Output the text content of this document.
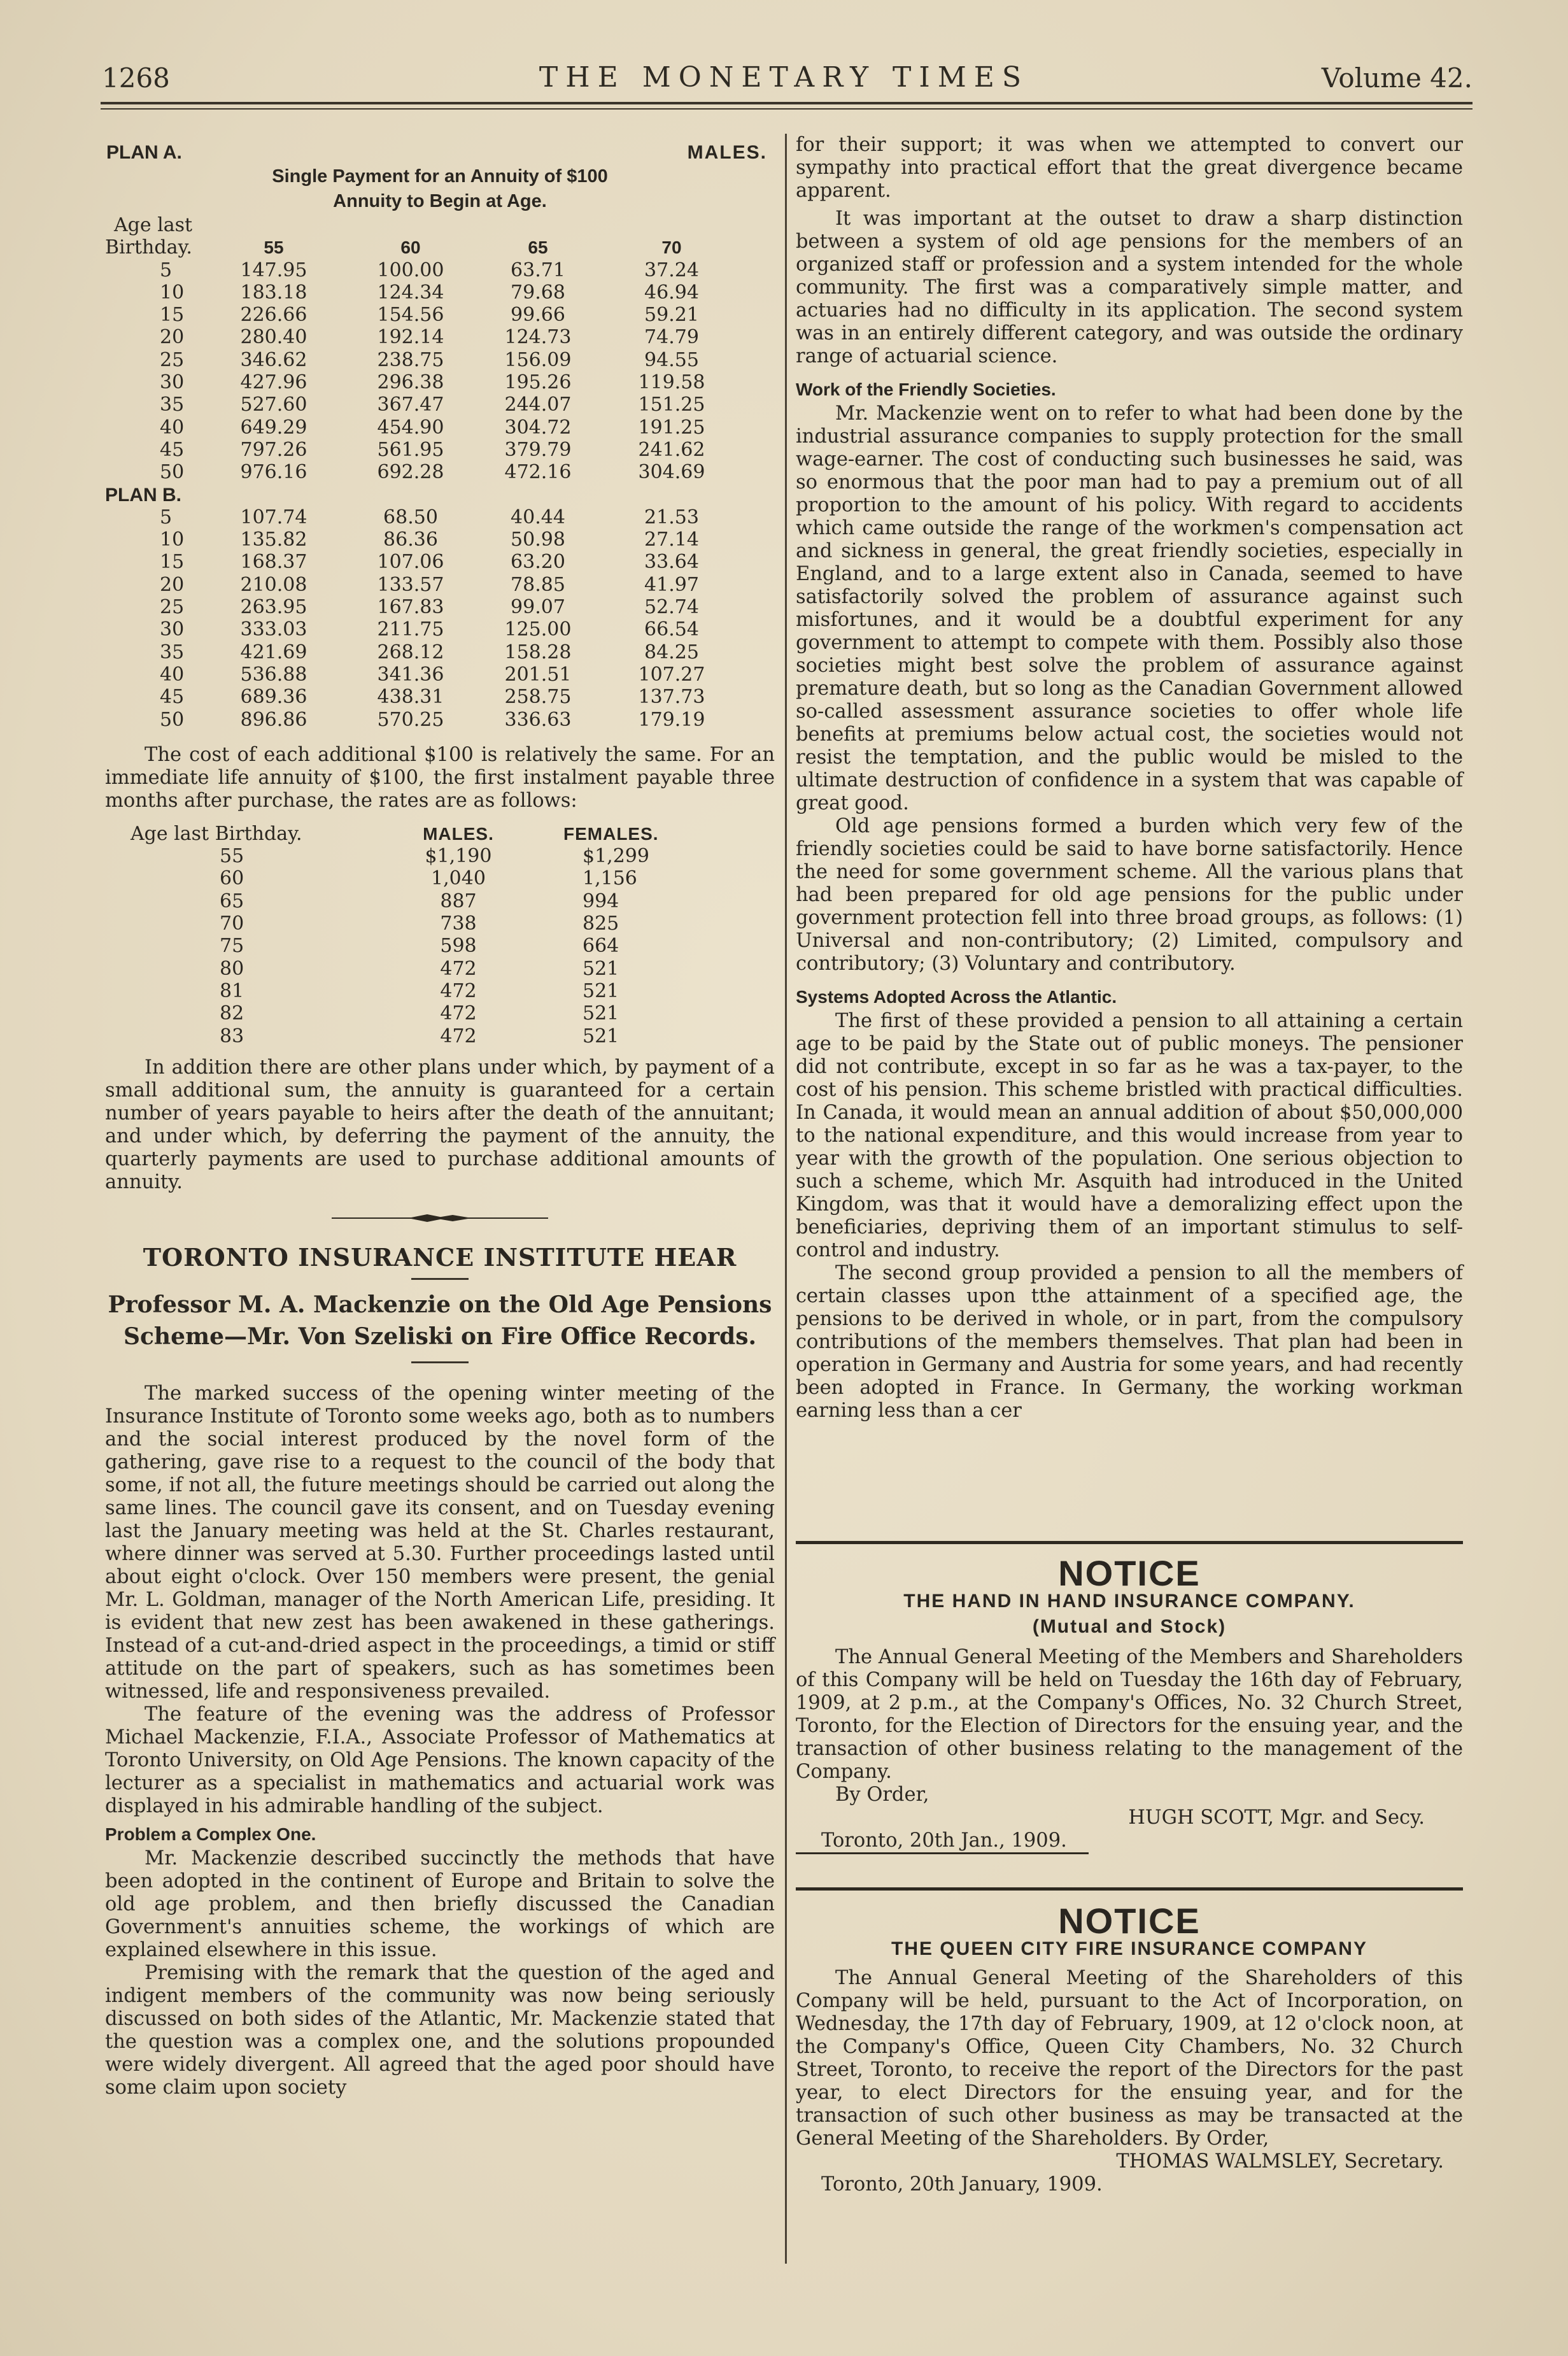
1268	THE MONETARY TIMES	Volume 42.
PLAN A.	MALES.
Single Payment for an Annuity of $100
Annuity to Begin at Age.
Age last				
Birthday.	55	60	65	70
5	147.95	100.00	63.71	37.24
10	183.18	124.34	79.68	46.94
15	226.66	154.56	99.66	59.21
20	280.40	192.14	124.73	74.79
25	346.62	238.75	156.09	94.55
30	427.96	296.38	195.26	119.58
35	527.60	367.47	244.07	151.25
40	649.29	454.90	304.72	191.25
45	797.26	561.95	379.79	241.62
50	976.16	692.28	472.16	304.69
PLAN B.				
5	107.74	68.50	40.44	21.53
10	135.82	86.36	50.98	27.14
15	168.37	107.06	63.20	33.64
20	210.08	133.57	78.85	41.97
25	263.95	167.83	99.07	52.74
30	333.03	211.75	125.00	66.54
35	421.69	268.12	158.28	84.25
40	536.88	341.36	201.51	107.27
45	689.36	438.31	258.75	137.73
50	896.86	570.25	336.63	179.19

The cost of each additional $100 is relatively the same. For an immediate life annuity of $100, the first instalment payable three months after purchase, the rates are as follows:

Age last Birthday.	MALES.	FEMALES.
55	$1,190	$1,299
60	1,040	1,156
65	887	994
70	738	825
75	598	664
80	472	521
81	472	521
82	472	521
83	472	521

In addition there are other plans under which, by payment of a small additional sum, the annuity is guaranteed for a certain number of years payable to heirs after the death of the annuitant; and under which, by deferring the payment of the annuity, the quarterly payments are used to purchase additional amounts of annuity.

TORONTO INSURANCE INSTITUTE HEAR
Professor M. A. Mackenzie on the Old Age Pensions Scheme—Mr. Von Szeliski on Fire Office Records.

The marked success of the opening winter meeting of the Insurance Institute of Toronto some weeks ago, both as to numbers and the social interest produced by the novel form of the gathering, gave rise to a request to the council of the body that some, if not all, the future meetings should be carried out along the same lines. The council gave its consent, and on Tuesday evening last the January meeting was held at the St. Charles restaurant, where dinner was served at 5.30. Further proceedings lasted until about eight o'clock. Over 150 members were present, the genial Mr. L. Goldman, manager of the North American Life, presiding. It is evident that new zest has been awakened in these gatherings. Instead of a cut-and-dried aspect in the proceedings, a timid or stiff attitude on the part of speakers, such as has sometimes been witnessed, life and responsiveness prevailed.

The feature of the evening was the address of Professor Michael Mackenzie, F.I.A., Associate Professor of Mathematics at Toronto University, on Old Age Pensions. The known capacity of the lecturer as a specialist in mathematics and actuarial work was displayed in his admirable handling of the subject.

Problem a Complex One.

Mr. Mackenzie described succinctly the methods that have been adopted in the continent of Europe and Britain to solve the old age problem, and then briefly discussed the Canadian Government's annuities scheme, the workings of which are explained elsewhere in this issue.

Premising with the remark that the question of the aged and indigent members of the community was now being seriously discussed on both sides of the Atlantic, Mr. Mackenzie stated that the question was a complex one, and the solutions propounded were widely divergent. All agreed that the aged poor should have some claim upon society

for their support; it was when we attempted to convert our sympathy into practical effort that the great divergence became apparent.

It was important at the outset to draw a sharp distinction between a system of old age pensions for the members of an organized staff or profession and a system intended for the whole community. The first was a comparatively simple matter, and actuaries had no difficulty in its application. The second system was in an entirely different category, and was outside the ordinary range of actuarial science.

Work of the Friendly Societies.

Mr. Mackenzie went on to refer to what had been done by the industrial assurance companies to supply protection for the small wage-earner. The cost of conducting such businesses he said, was so enormous that the poor man had to pay a premium out of all proportion to the amount of his policy. With regard to accidents which came outside the range of the workmen's compensation act and sickness in general, the great friendly societies, especially in England, and to a large extent also in Canada, seemed to have satisfactorily solved the problem of assurance against such misfortunes, and it would be a doubtful experiment for any government to attempt to compete with them. Possibly also those societies might best solve the problem of assurance against premature death, but so long as the Canadian Government allowed so-called assessment assurance societies to offer whole life benefits at premiums below actual cost, the societies would not resist the temptation, and the public would be misled to the ultimate destruction of confidence in a system that was capable of great good.

Old age pensions formed a burden which very few of the friendly societies could be said to have borne satisfactorily. Hence the need for some government scheme. All the various plans that had been prepared for old age pensions for the public under government protection fell into three broad groups, as follows: (1) Universal and non-contributory; (2) Limited, compulsory and contributory; (3) Voluntary and contributory.

Systems Adopted Across the Atlantic.

The first of these provided a pension to all attaining a certain age to be paid by the State out of public moneys. The pensioner did not contribute, except in so far as he was a tax-payer, to the cost of his pension. This scheme bristled with practical difficulties. In Canada, it would mean an annual addition of about $50,000,000 to the national expenditure, and this would increase from year to year with the growth of the population. One serious objection to such a scheme, which Mr. Asquith had introduced in the United Kingdom, was that it would have a demoralizing effect upon the beneficiaries, depriving them of an important stimulus to self-control and industry.

The second group provided a pension to all the members of certain classes upon tthe attainment of a specified age, the pensions to be derived in whole, or in part, from the compulsory contributions of the members themselves. That plan had been in operation in Germany and Austria for some years, and had recently been adopted in France. In Germany, the working workman earning less than a cer

NOTICE
THE HAND IN HAND INSURANCE COMPANY.
(Mutual and Stock)

The Annual General Meeting of the Members and Shareholders of this Company will be held on Tuesday the 16th day of February, 1909, at 2 p.m., at the Company's Offices, No. 32 Church Street, Toronto, for the Election of Directors for the ensuing year, and the transaction of other business relating to the management of the Company.

By Order,

HUGH SCOTT, Mgr. and Secy.
Toronto, 20th Jan., 1909.
NOTICE
THE QUEEN CITY FIRE INSURANCE COMPANY

The Annual General Meeting of the Shareholders of this Company will be held, pursuant to the Act of Incorporation, on Wednesday, the 17th day of February, 1909, at 12 o'clock noon, at the Company's Office, Queen City Chambers, No. 32 Church Street, Toronto, to receive the report of the Directors for the past year, to elect Directors for the ensuing year, and for the transaction of such other business as may be transacted at the General Meeting of the Shareholders. By Order,

THOMAS WALMSLEY, Secretary.
Toronto, 20th January, 1909.
